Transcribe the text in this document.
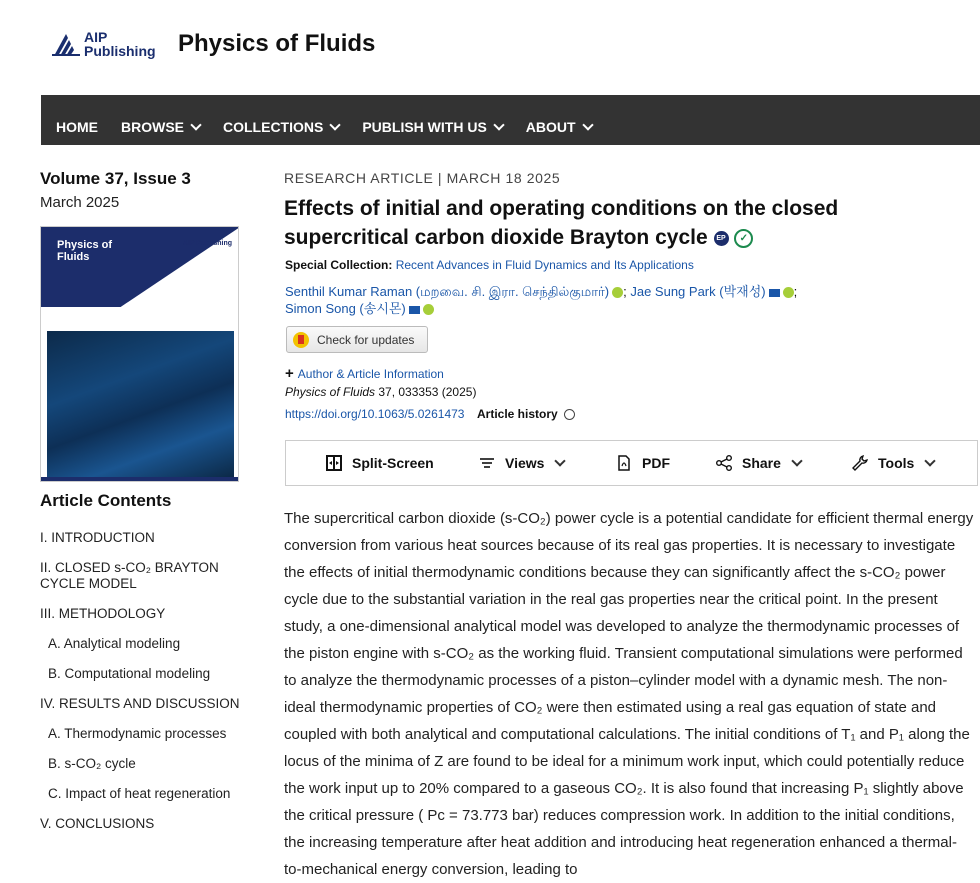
AIP
Publishing Physics of Fluids
HOME BROWSE	COLLECTIONS	PUBLISH WITH US	ABOUT
Volume 37, Issue 3
March 2025
Physics of
Fluids
AIP Publishing
Article Contents
I. INTRODUCTION
II. CLOSED s-CO₂ BRAYTON CYCLE MODEL
III. METHODOLOGY
A. Analytical modeling
B. Computational modeling
IV. RESULTS AND DISCUSSION
A. Thermodynamic processes
B. s-CO₂ cycle
C. Impact of heat regeneration
V. CONCLUSIONS
RESEARCH ARTICLE | MARCH 18 2025
Effects of initial and operating conditions on the closed supercritical carbon dioxide Brayton cycle EP ✓
Special Collection: Recent Advances in Fluid Dynamics and Its Applications
Senthil Kumar Raman (மறவை. சி. இரா. செந்தில்குமார்) ; Jae Sung Park (박재성) ;
Simon Song (송시몬)
Check for updates
+ Author & Article Information
Physics of Fluids 37, 033353 (2025)
https://doi.org/10.1063/5.0261473 Article history
Split-Screen	Views	PDF	Share	Tools

The supercritical carbon dioxide (s-CO₂) power cycle is a potential candidate for efficient thermal energy conversion from various heat sources because of its real gas properties. It is necessary to investigate the effects of initial thermodynamic conditions because they can significantly affect the s-CO₂ power cycle due to the substantial variation in the real gas properties near the critical point. In the present study, a one-dimensional analytical model was developed to analyze the thermodynamic processes of the piston engine with s-CO₂ as the working fluid. Transient computational simulations were performed to analyze the thermodynamic processes of a piston–cylinder model with a dynamic mesh. The non-ideal thermodynamic properties of CO₂ were then estimated using a real gas equation of state and coupled with both analytical and computational calculations. The initial conditions of T₁ and P₁ along the locus of the minima of Z are found to be ideal for a minimum work input, which could potentially reduce the work input up to 20% compared to a gaseous CO₂. It is also found that increasing P₁ slightly above the critical pressure ( Pc = 73.773 bar) reduces compression work. In addition to the initial conditions, the increasing temperature after heat addition and introducing heat regeneration enhanced a thermal-to-mechanical energy conversion, leading to
